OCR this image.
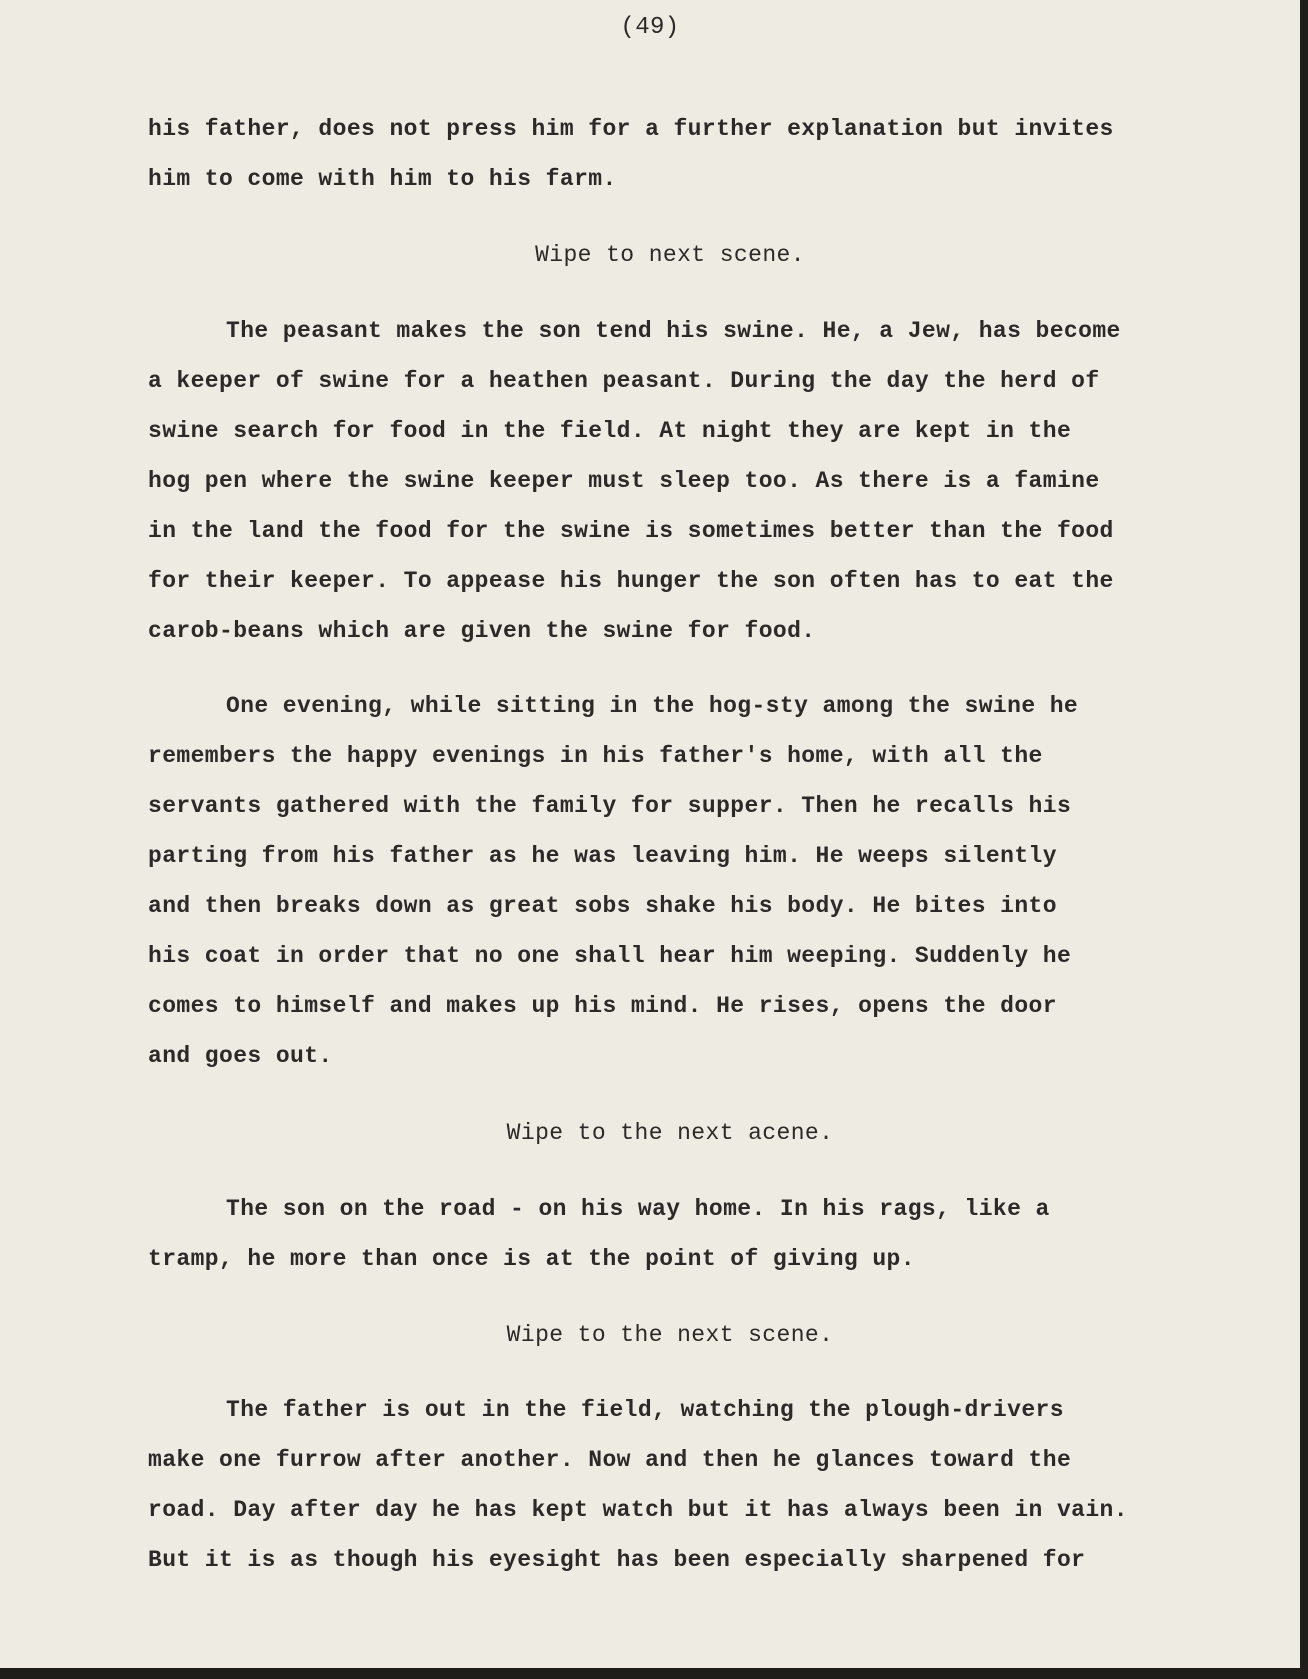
(49)

his father, does not press him for a further explanation but invites

him to come with him to his farm.

Wipe to next scene.

The peasant makes the son tend his swine. He, a Jew, has become

a keeper of swine for a heathen peasant. During the day the herd of

swine search for food in the field. At night they are kept in the

hog pen where the swine keeper must sleep too. As there is a famine

in the land the food for the swine is sometimes better than the food

for their keeper. To appease his hunger the son often has to eat the

carob-beans which are given the swine for food.

One evening, while sitting in the hog-sty among the swine he

remembers the happy evenings in his father's home, with all the

servants gathered with the family for supper. Then he recalls his

parting from his father as he was leaving him. He weeps silently

and then breaks down as great sobs shake his body. He bites into

his coat in order that no one shall hear him weeping. Suddenly he

comes to himself and makes up his mind. He rises, opens the door

and goes out.

Wipe to the next acene.

The son on the road - on his way home. In his rags, like a

tramp, he more than once is at the point of giving up.

Wipe to the next scene.

The father is out in the field, watching the plough-drivers

make one furrow after another. Now and then he glances toward the

road. Day after day he has kept watch but it has always been in vain.

But it is as though his eyesight has been especially sharpened for
